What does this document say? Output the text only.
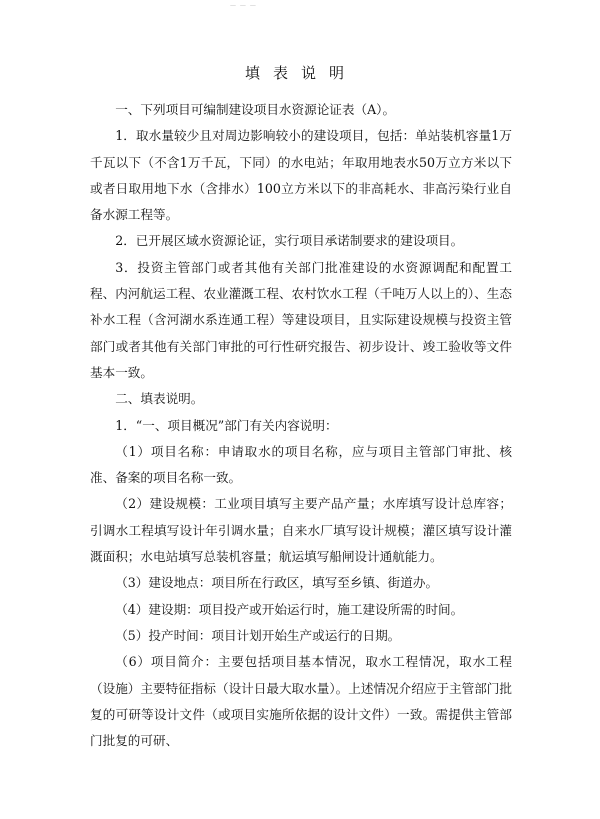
— — —
填表说明

一、下列项目可编制建设项目水资源论证表（A）。

1．取水量较少且对周边影响较小的建设项目，包括：单站装机容量1万千瓦以下（不含1万千瓦，下同）的水电站；年取用地表水50万立方米以下或者日取用地下水（含排水）100立方米以下的非高耗水、非高污染行业自备水源工程等。

2．已开展区域水资源论证，实行项目承诺制要求的建设项目。

3．投资主管部门或者其他有关部门批准建设的水资源调配和配置工程、内河航运工程、农业灌溉工程、农村饮水工程（千吨万人以上的）、生态补水工程（含河湖水系连通工程）等建设项目，且实际建设规模与投资主管部门或者其他有关部门审批的可行性研究报告、初步设计、竣工验收等文件基本一致。

二、填表说明。

1．“一、项目概况”部门有关内容说明：

（1）项目名称：申请取水的项目名称，应与项目主管部门审批、核准、备案的项目名称一致。

（2）建设规模：工业项目填写主要产品产量；水库填写设计总库容；引调水工程填写设计年引调水量；自来水厂填写设计规模；灌区填写设计灌溉面积；水电站填写总装机容量；航运填写船闸设计通航能力。

（3）建设地点：项目所在行政区，填写至乡镇、街道办。

（4）建设期：项目投产或开始运行时，施工建设所需的时间。

（5）投产时间：项目计划开始生产或运行的日期。

（6）项目简介：主要包括项目基本情况，取水工程情况，取水工程（设施）主要特征指标（设计日最大取水量）。上述情况介绍应于主管部门批复的可研等设计文件（或项目实施所依据的设计文件）一致。需提供主管部门批复的可研、
